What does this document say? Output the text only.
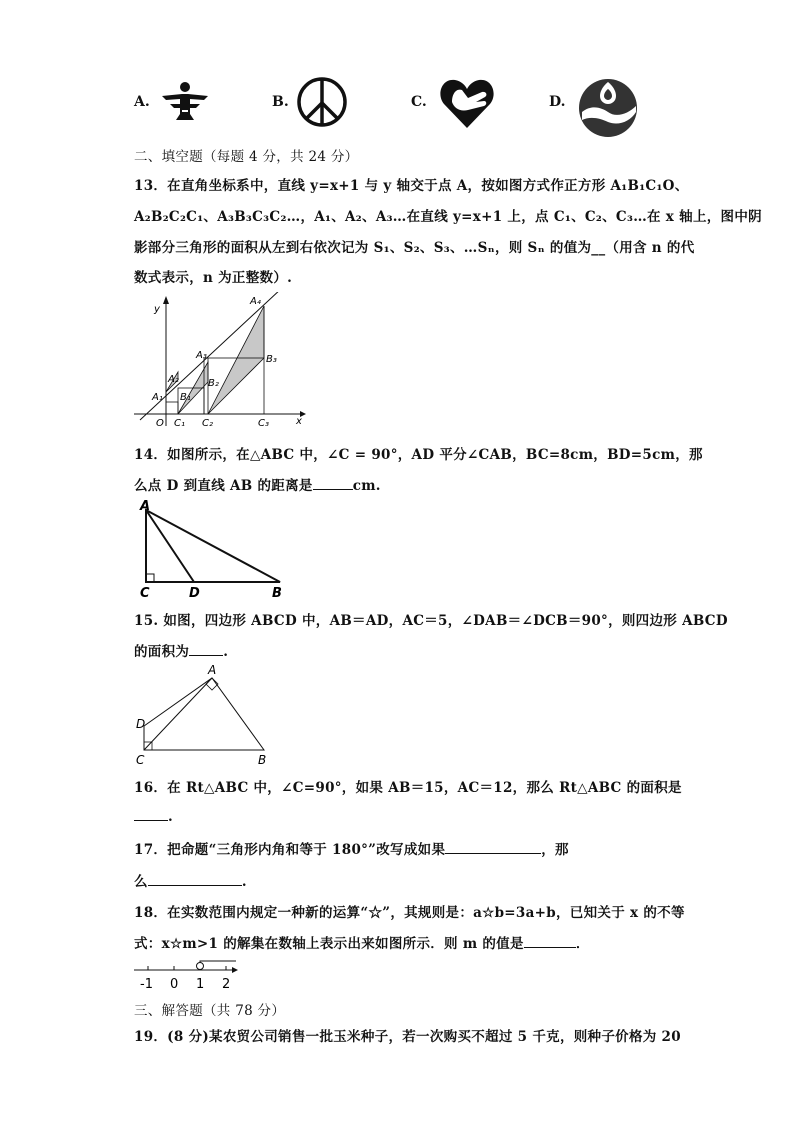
A.	B.	C.	D.
二、填空题（每题 4 分，共 24 分）
13．在直角坐标系中，直线 y=x+1 与 y 轴交于点 A，按如图方式作正方形 A₁B₁C₁O、
A₂B₂C₂C₁、A₃B₃C₃C₂…，A₁、A₂、A₃…在直线 y=x+1 上，点 C₁、C₂、C₃…在 x 轴上，图中阴
影部分三角形的面积从左到右依次记为 S₁、S₂、S₃、…Sₙ，则 Sₙ 的值为__（用含 n 的代
数式表示，n 为正整数）.
y
x
O
A₁
A₂
A₃
A₄
B₁
B₂
B₃
C₁ C₂	C₃
14．如图所示，在△ABC 中，∠C = 90°，AD 平分∠CAB，BC=8cm，BD=5cm，那
么点 D 到直线 AB 的距离是	cm.
A
C	D	B
15. 如图，四边形 ABCD 中，AB＝AD，AC＝5，∠DAB＝∠DCB＝90°，则四边形 ABCD
的面积为	.
A
D
C	B
16．在 Rt△ABC 中，∠C=90°，如果 AB＝15，AC＝12，那么 Rt△ABC 的面积是
.
17．把命题“三角形内角和等于 180°”改写成如果	，那
么	.
18．在实数范围内规定一种新的运算“☆”，其规则是：a☆b=3a+b，已知关于 x 的不等
式：x☆m>1 的解集在数轴上表示出来如图所示．则 m 的值是	．
-1 0 1 2
三、解答题（共 78 分）
19．(8 分)某农贸公司销售一批玉米种子，若一次购买不超过 5 千克，则种子价格为 20
